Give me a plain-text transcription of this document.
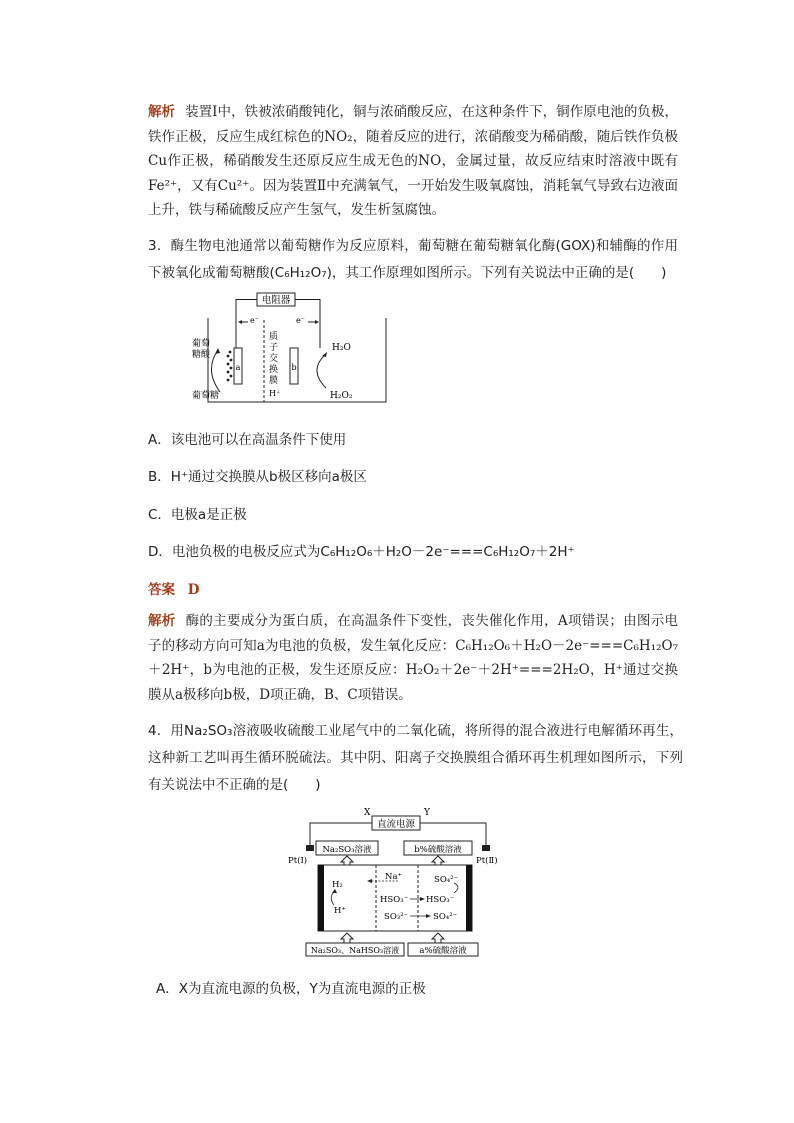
解析 装置Ⅰ中，铁被浓硝酸钝化，铜与浓硝酸反应，在这种条件下，铜作原电池的负极，铁作正极，反应生成红棕色的NO₂，随着反应的进行，浓硝酸变为稀硝酸，随后铁作负极Cu作正极，稀硝酸发生还原反应生成无色的NO，金属过量，故反应结束时溶液中既有Fe²⁺，又有Cu²⁺。因为装置Ⅱ中充满氧气，一开始发生吸氧腐蚀，消耗氧气导致右边液面上升，铁与稀硫酸反应产生氢气，发生析氢腐蚀。

3．酶生物电池通常以葡萄糖作为反应原料，葡萄糖在葡萄糖氧化酶(GOX)和辅酶的作用下被氧化成葡萄糖酸(C₆H₁₂O₇)，其工作原理如图所示。下列有关说法中正确的是(　　)

电阻器
e⁻	e⁻
a
质
子
交
换
膜
H⁺
b
葡萄
糖酸
葡萄糖
H₂O
H₂O₂
A．该电池可以在高温条件下使用
B．H⁺通过交换膜从b极区移向a极区
C．电极a是正极
D．电池负极的电极反应式为C₆H₁₂O₆＋H₂O－2e⁻===C₆H₁₂O₇＋2H⁺
答案 D

解析 酶的主要成分为蛋白质，在高温条件下变性，丧失催化作用，A项错误；由图示电子的移动方向可知a为电池的负极，发生氧化反应：C₆H₁₂O₆＋H₂O－2e⁻===C₆H₁₂O₇＋2H⁺，b为电池的正极，发生还原反应：H₂O₂＋2e⁻＋2H⁺===2H₂O，H⁺通过交换膜从a极移向b极，D项正确，B、C项错误。

4．用Na₂SO₃溶液吸收硫酸工业尾气中的二氧化硫，将所得的混合液进行电解循环再生，这种新工艺叫再生循环脱硫法。其中阴、阳离子交换膜组合循环再生机理如图所示，下列有关说法中不正确的是(　　)

X	Y
直流电源
Na₂SO₃溶液	b%硫酸溶液
Pt(Ⅰ)	Pt(Ⅱ)
H₂
H⁺
Na⁺
HSO₃⁻ HSO₃⁻
SO₃²⁻	SO₄²⁻
SO₄²⁻
Na₂SO₃、NaHSO₃溶液 a%硫酸溶液
A．X为直流电源的负极，Y为直流电源的正极
